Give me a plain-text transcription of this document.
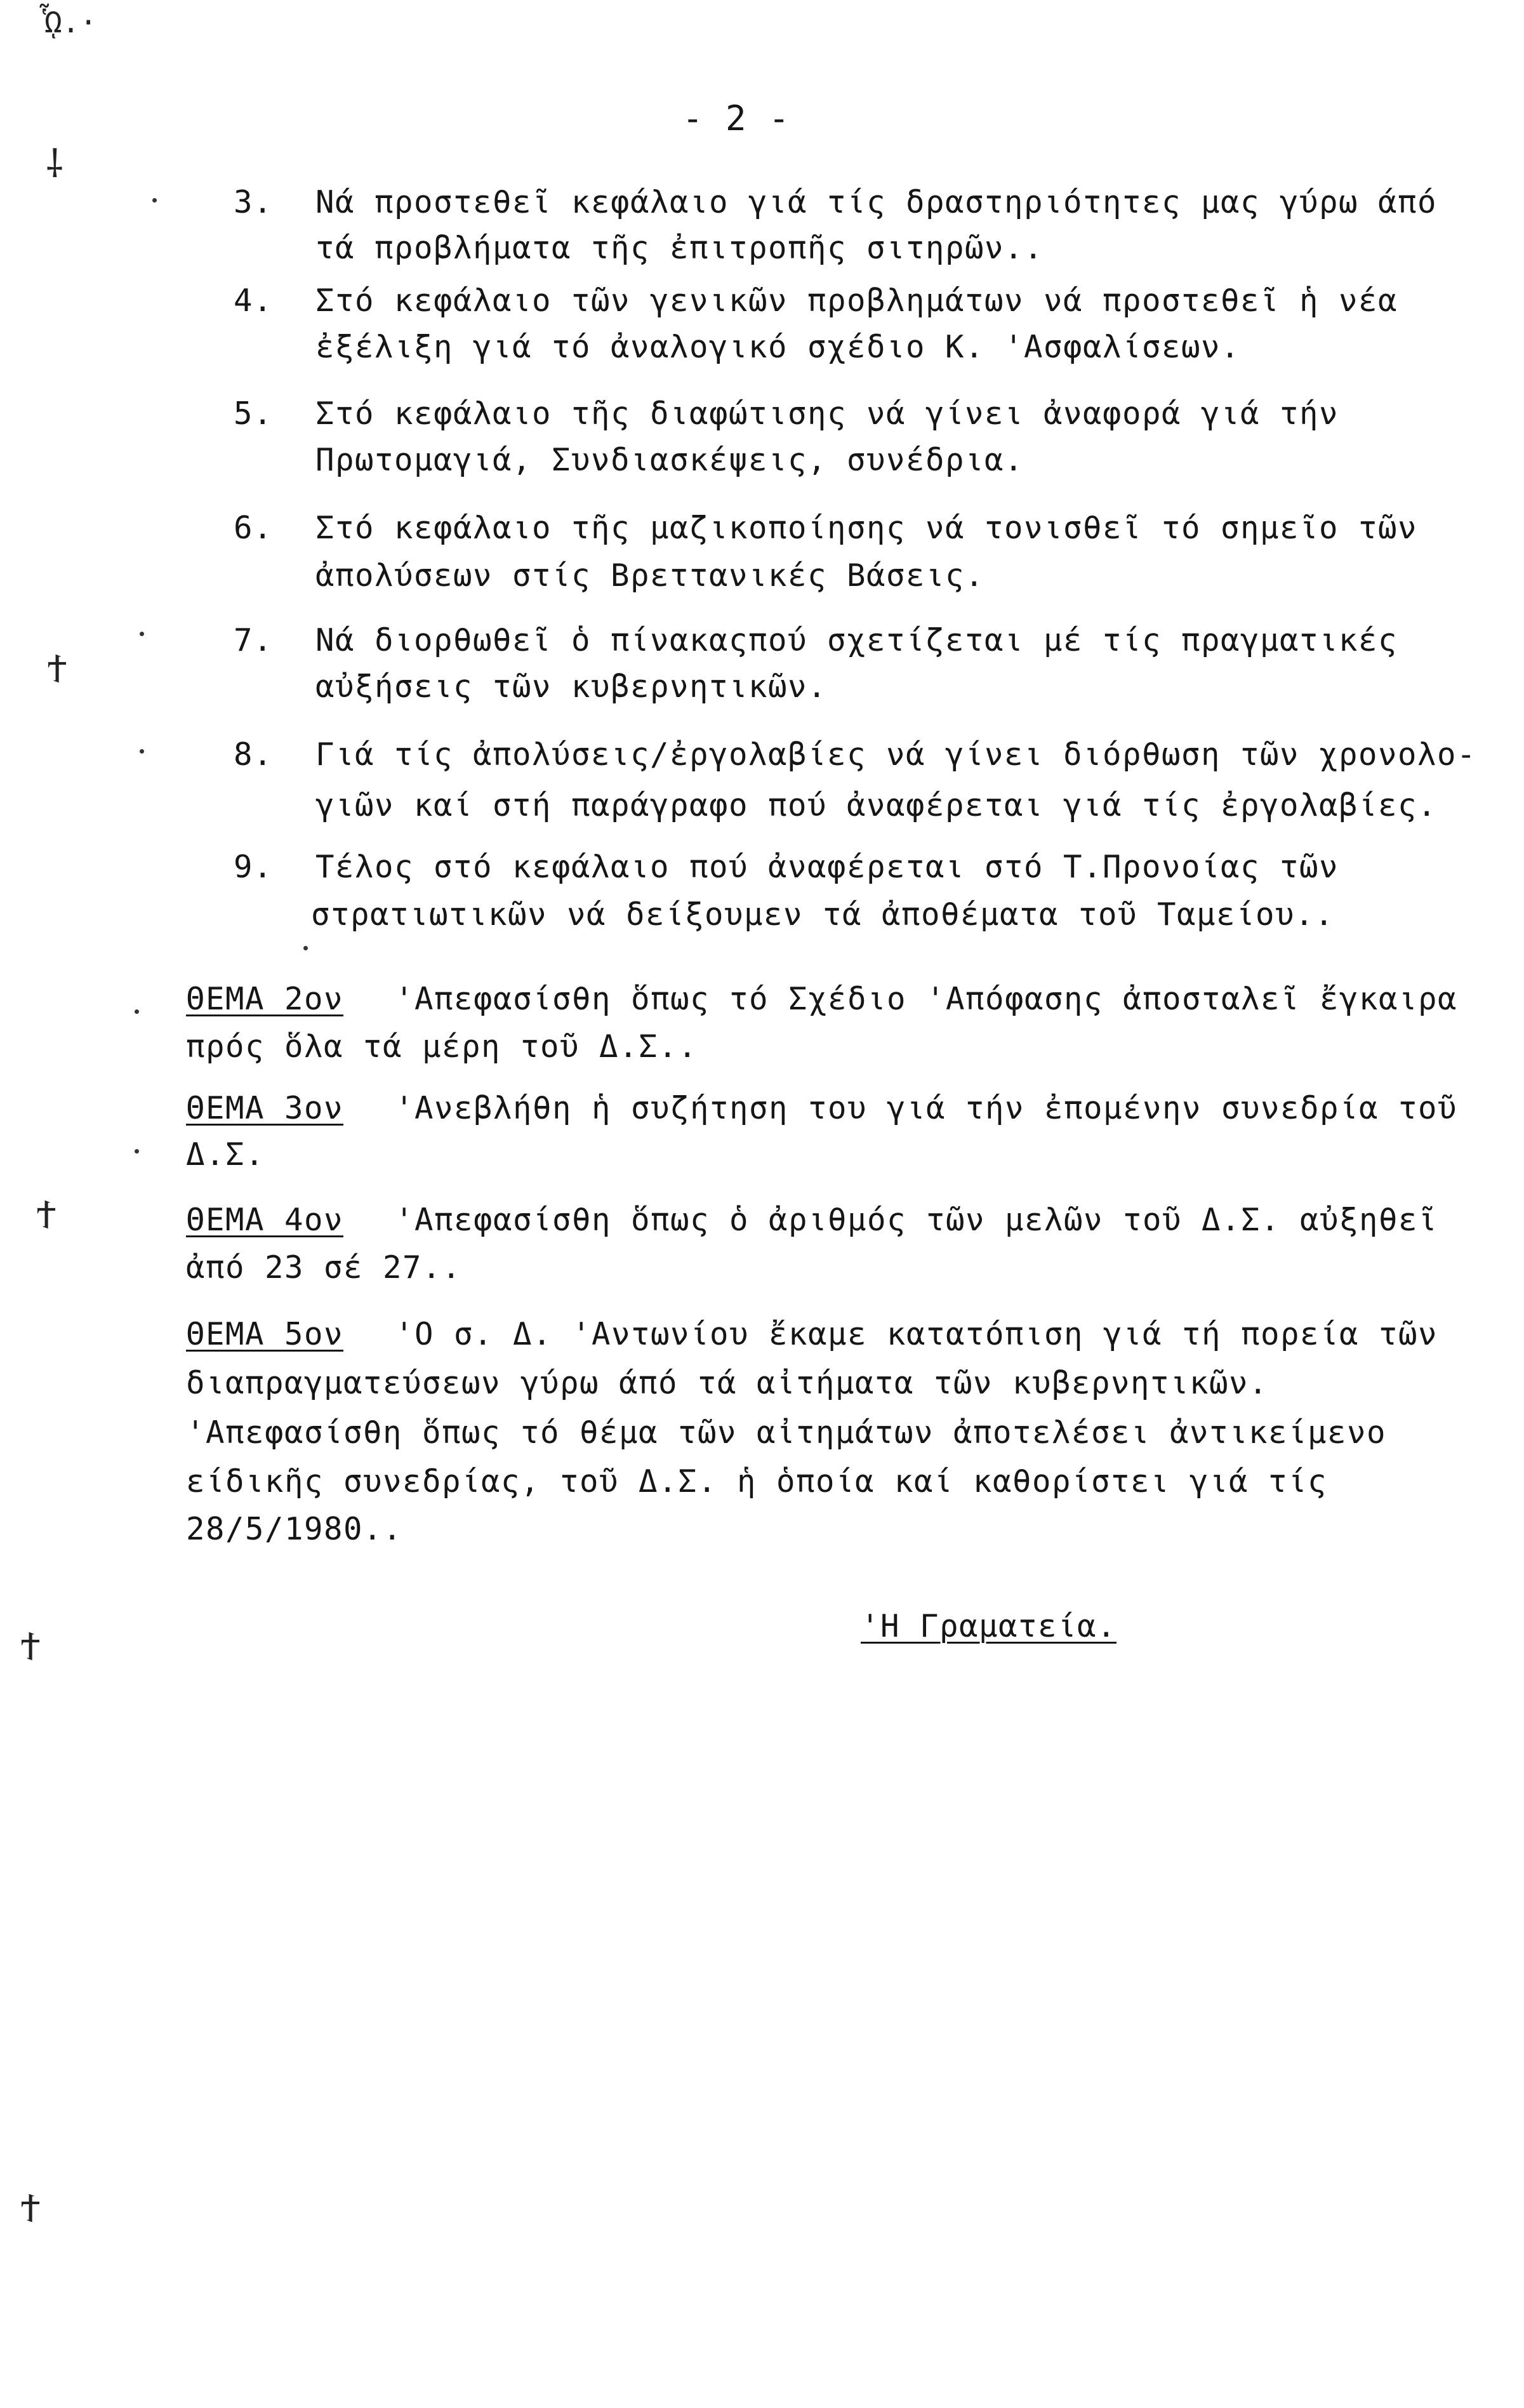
ᾯ.·
⸸
ϯ
ϯ
ϯ
ϯ
- 2 -
3. Νά προστεθεῖ κεφάλαιο γιά τίς δραστηριότητες μας γύρω άπό
τά προβλήματα τῆς ἐπιτροπῆς σιτηρῶν..
4. Στό κεφάλαιο τῶν γενικῶν προβλημάτων νά προστεθεῖ ἡ νέα
ἐξέλιξη γιά τό ἀναλογικό σχέδιο Κ. 'Ασφαλίσεων.
5. Στό κεφάλαιο τῆς διαφώτισης νά γίνει ἀναφορά γιά τήν
Πρωτομαγιά, Συνδιασκέψεις, συνέδρια.
6. Στό κεφάλαιο τῆς μαζικοποίησης νά τονισθεῖ τό σημεῖο τῶν
ἀπολύσεων στίς Βρεττανικές Βάσεις.
7. Νά διορθωθεῖ ὁ πίνακαςπού σχετίζεται μέ τίς πραγματικές
αὐξήσεις τῶν κυβερνητικῶν.
8. Γιά τίς ἀπολύσεις/ἐργολαβίες νά γίνει διόρθωση τῶν χρονολο-
γιῶν καί στή παράγραφο πού ἀναφέρεται γιά τίς ἐργολαβίες.
9. Τέλος στό κεφάλαιο πού ἀναφέρεται στό Τ.Προνοίας τῶν
στρατιωτικῶν νά δείξουμεν τά ἀποθέματα τοῦ Ταμείου..
ΘΕΜΑ 2ον 'Απεφασίσθη ὅπως τό Σχέδιο 'Απόφασης ἀποσταλεῖ ἔγκαιρα
πρός ὅλα τά μέρη τοῦ Δ.Σ..
ΘΕΜΑ 3ον 'Ανεβλήθη ἡ συζήτηση του γιά τήν ἐπομένην συνεδρία τοῦ
Δ.Σ.
ΘΕΜΑ 4ον 'Απεφασίσθη ὅπως ὁ ἀριθμός τῶν μελῶν τοῦ Δ.Σ. αὐξηθεῖ
ἀπό 23 σέ 27..
ΘΕΜΑ 5ον 'Ο σ. Δ. 'Αντωνίου ἔκαμε κατατόπιση γιά τή πορεία τῶν
διαπραγματεύσεων γύρω άπό τά αἰτήματα τῶν κυβερνητικῶν.
'Απεφασίσθη ὅπως τό θέμα τῶν αἰτημάτων ἀποτελέσει ἀντικείμενο
είδικῆς συνεδρίας, τοῦ Δ.Σ. ἡ ὁποία καί καθορίστει γιά τίς
28/5/1980..
'Η Γραματεία.
